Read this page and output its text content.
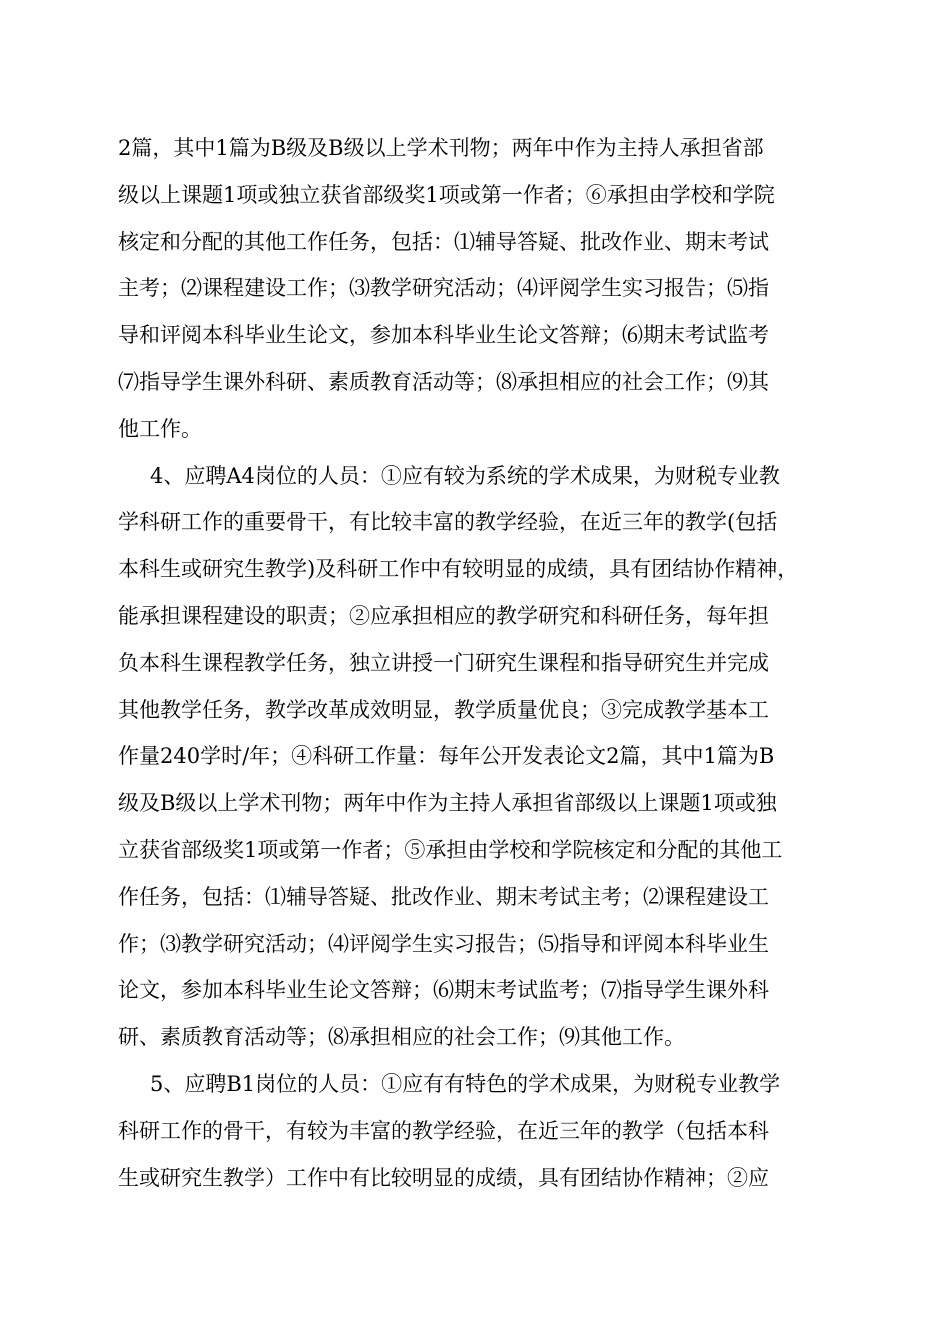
2篇，其中1篇为B级及B级以上学术刊物；两年中作为主持人承担省部
级以上课题1项或独立获省部级奖1项或第一作者；⑥承担由学校和学院
核定和分配的其他工作任务，包括：⑴辅导答疑、批改作业、期末考试
主考；⑵课程建设工作；⑶教学研究活动；⑷评阅学生实习报告；⑸指
导和评阅本科毕业生论文，参加本科毕业生论文答辩；⑹期末考试监考
⑺指导学生课外科研、素质教育活动等；⑻承担相应的社会工作；⑼其
他工作。
4、应聘A4岗位的人员：①应有较为系统的学术成果，为财税专业教
学科研工作的重要骨干，有比较丰富的教学经验，在近三年的教学(包括
本科生或研究生教学)及科研工作中有较明显的成绩，具有团结协作精神，
能承担课程建设的职责；②应承担相应的教学研究和科研任务，每年担
负本科生课程教学任务，独立讲授一门研究生课程和指导研究生并完成
其他教学任务，教学改革成效明显，教学质量优良；③完成教学基本工
作量240学时/年；④科研工作量：每年公开发表论文2篇，其中1篇为B
级及B级以上学术刊物；两年中作为主持人承担省部级以上课题1项或独
立获省部级奖1项或第一作者；⑤承担由学校和学院核定和分配的其他工
作任务，包括：⑴辅导答疑、批改作业、期末考试主考；⑵课程建设工
作；⑶教学研究活动；⑷评阅学生实习报告；⑸指导和评阅本科毕业生
论文，参加本科毕业生论文答辩；⑹期末考试监考；⑺指导学生课外科
研、素质教育活动等；⑻承担相应的社会工作；⑼其他工作。
5、应聘B1岗位的人员：①应有有特色的学术成果，为财税专业教学
科研工作的骨干，有较为丰富的教学经验，在近三年的教学（包括本科
生或研究生教学）工作中有比较明显的成绩，具有团结协作精神；②应
